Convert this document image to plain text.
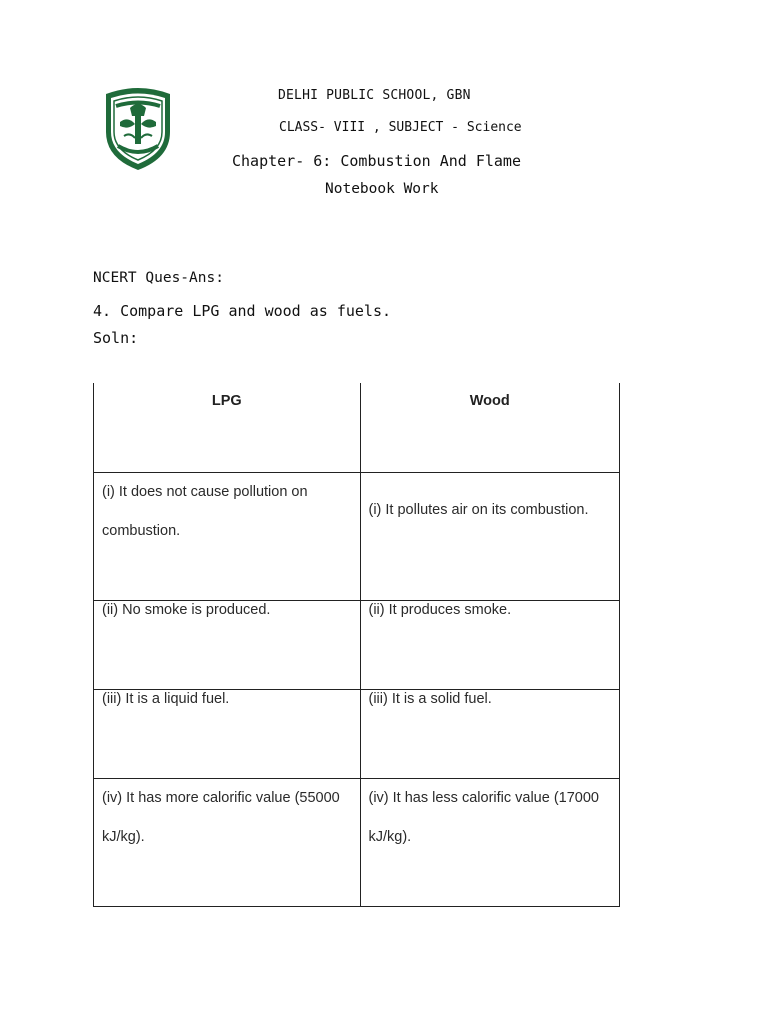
DELHI PUBLIC SCHOOL, GBN
CLASS- VIII , SUBJECT - Science
Chapter- 6: Combustion And Flame
Notebook Work
NCERT Ques-Ans:
4. Compare LPG and wood as fuels.
Soln:
LPG	Wood
(i) It does not cause pollution on combustion.	(i) It pollutes air on its combustion.

(ii) No smoke is produced.	(ii) It produces smoke.
(iii) It is a liquid fuel.	(iii) It is a solid fuel.
(iv) It has more calorific value (55000 kJ/kg).	(iv) It has less calorific value (17000 kJ/kg).
